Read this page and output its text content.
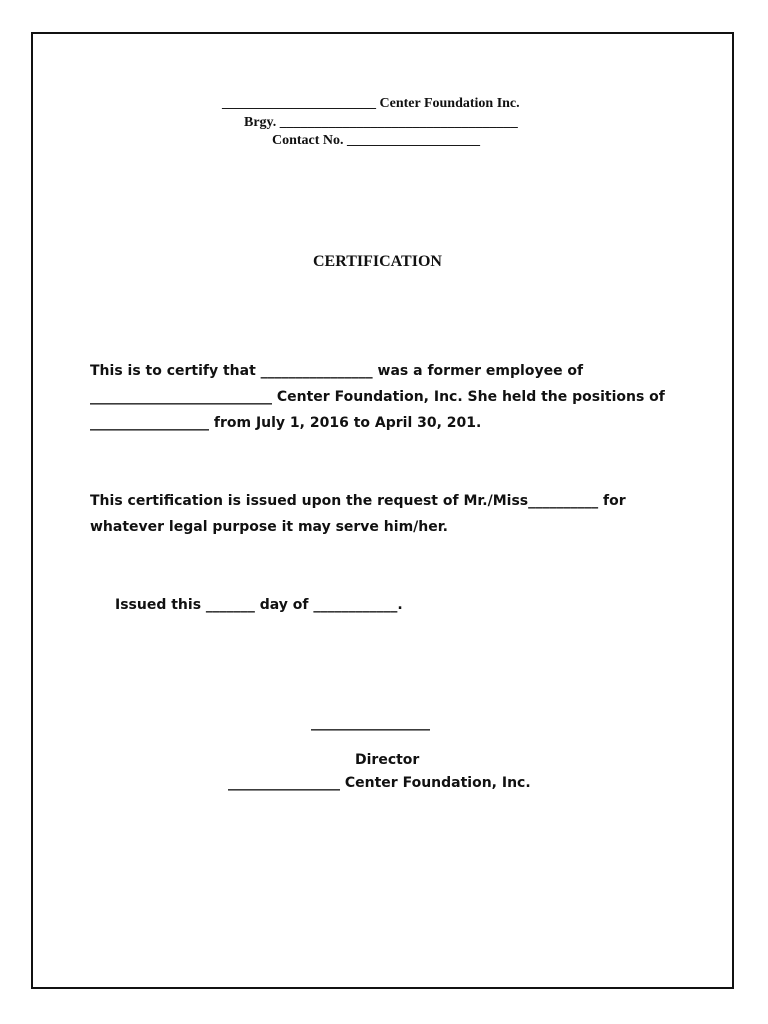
______________________ Center Foundation Inc.
Brgy. __________________________________
Contact No. ___________________
CERTIFICATION
This is to certify that ________________ was a former employee of
__________________________ Center Foundation, Inc. She held the positions of
_________________ from July 1, 2016 to April 30, 201.
This certification is issued upon the request of Mr./Miss__________ for
whatever legal purpose it may serve him/her.
Issued this _______ day of ____________.
_________________
Director
________________ Center Foundation, Inc.
